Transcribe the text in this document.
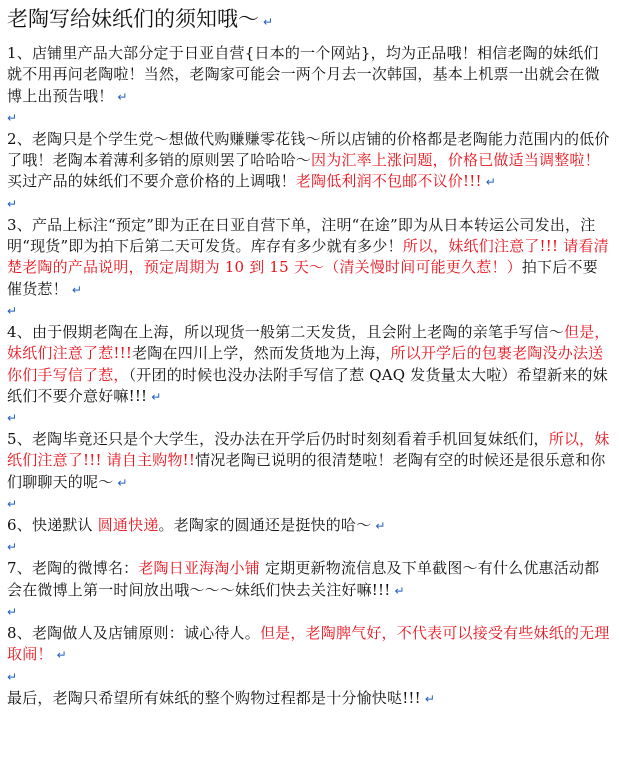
老陶写给妹纸们的须知哦～ ↵

1、店铺里产品大部分定于日亚自营{日本的一个网站}，均为正品哦！相信老陶的妹纸们就不用再问老陶啦！当然，老陶家可能会一两个月去一次韩国，基本上机票一出就会在微博上出预告哦！ ↵

↵

2、老陶只是个学生党～想做代购赚赚零花钱～所以店铺的价格都是老陶能力范围内的低价了哦！老陶本着薄利多销的原则罢了哈哈哈～因为汇率上涨问题，价格已做适当调整啦！买过产品的妹纸们不要介意价格的上调哦！老陶低利润不包邮不议价!!! ↵

↵

3、产品上标注“预定”即为正在日亚自营下单，注明“在途”即为从日本转运公司发出，注明“现货”即为拍下后第二天可发货。库存有多少就有多少！所以，妹纸们注意了!!! 请看清楚老陶的产品说明，预定周期为 10 到 15 天～（清关慢时间可能更久惹！）拍下后不要催货惹！ ↵

↵

4、由于假期老陶在上海，所以现货一般第二天发货，且会附上老陶的亲笔手写信～但是，妹纸们注意了惹!!!老陶在四川上学，然而发货地为上海，所以开学后的包裹老陶没办法送你们手写信了惹，（开团的时候也没办法附手写信了惹 QAQ 发货量太大啦）希望新来的妹纸们不要介意好嘛!!! ↵

↵

5、老陶毕竟还只是个大学生，没办法在开学后仍时时刻刻看着手机回复妹纸们，所以，妹纸们注意了!!! 请自主购物!!情况老陶已说明的很清楚啦！老陶有空的时候还是很乐意和你们聊聊天的呢～ ↵

↵

6、快递默认 圆通快递。老陶家的圆通还是挺快的哈～ ↵

↵

7、老陶的微博名：老陶日亚海淘小铺 定期更新物流信息及下单截图～有什么优惠活动都会在微博上第一时间放出哦～～～妹纸们快去关注好嘛!!! ↵

↵

8、老陶做人及店铺原则：诚心待人。但是，老陶脾气好，不代表可以接受有些妹纸的无理取闹！ ↵

↵

最后，老陶只希望所有妹纸的整个购物过程都是十分愉快哒!!! ↵
